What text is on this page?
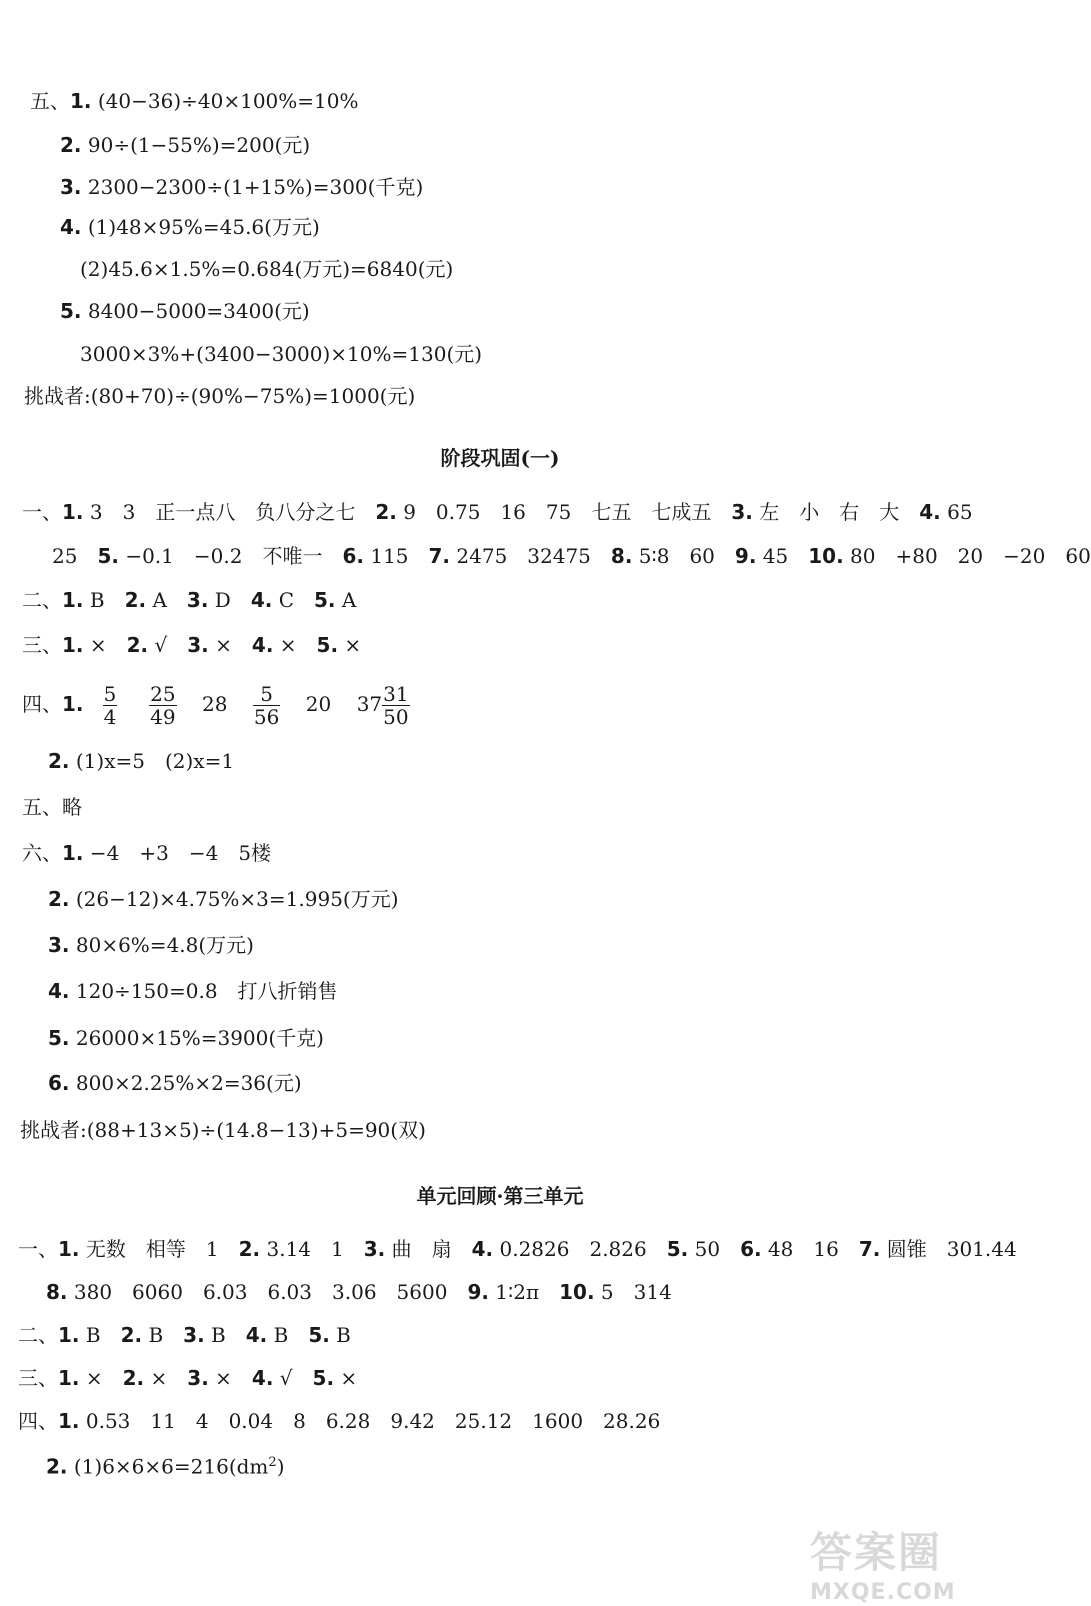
五、1. (40−36)÷40×100%=10%
2. 90÷(1−55%)=200(元)
3. 2300−2300÷(1+15%)=300(千克)
4. (1)48×95%=45.6(万元)
(2)45.6×1.5%=0.684(万元)=6840(元)
5. 8400−5000=3400(元)
3000×3%+(3400−3000)×10%=130(元)
挑战者:(80+70)÷(90%−75%)=1000(元)
阶段巩固(一)
一、1. 3　3　正一点八　负八分之七　2. 9　0.75　16　75　七五　七成五　3. 左　小　右　大　4. 65
25　5. −0.1　−0.2　不唯一　6. 115　7. 2475　32475　8. 5∶8　60　9. 45　10. 80　+80　20　−20　60
二、1. B　2. A　3. D　4. C　5. A
三、1. ×　2. √　3. ×　4. ×　5. ×
四、1. $\frac{5}{4}$
$\frac{25}{49} 28 \frac{5}{56} 20$ $37 \frac{31}{50}$
2. (1)x=5　(2)x=1
五、略
六、1. −4　+3　−4　5楼
2. (26−12)×4.75%×3=1.995(万元)
3. 80×6%=4.8(万元)
4. 120÷150=0.8　打八折销售
5. 26000×15%=3900(千克)
6. 800×2.25%×2=36(元)
挑战者:(88+13×5)÷(14.8−13)+5=90(双)
单元回顾·第三单元
一、1. 无数　相等　1　2. 3.14　1　3. 曲　扇　4. 0.2826　2.826　5. 50　6. 48　16　7. 圆锥　301.44
8. 380　6060　6.03　6.03　3.06　5600　9. 1∶2π　10. 5　314
二、1. B　2. B　3. B　4. B　5. B
三、1. ×　2. ×　3. ×　4. √　5. ×
四、1. 0.53　11　4　0.04　8　6.28　9.42　25.12　1600　28.26
2. $(1)6\times 6\times 6=216(dm^2)$
答案圈
MXQE.COM
